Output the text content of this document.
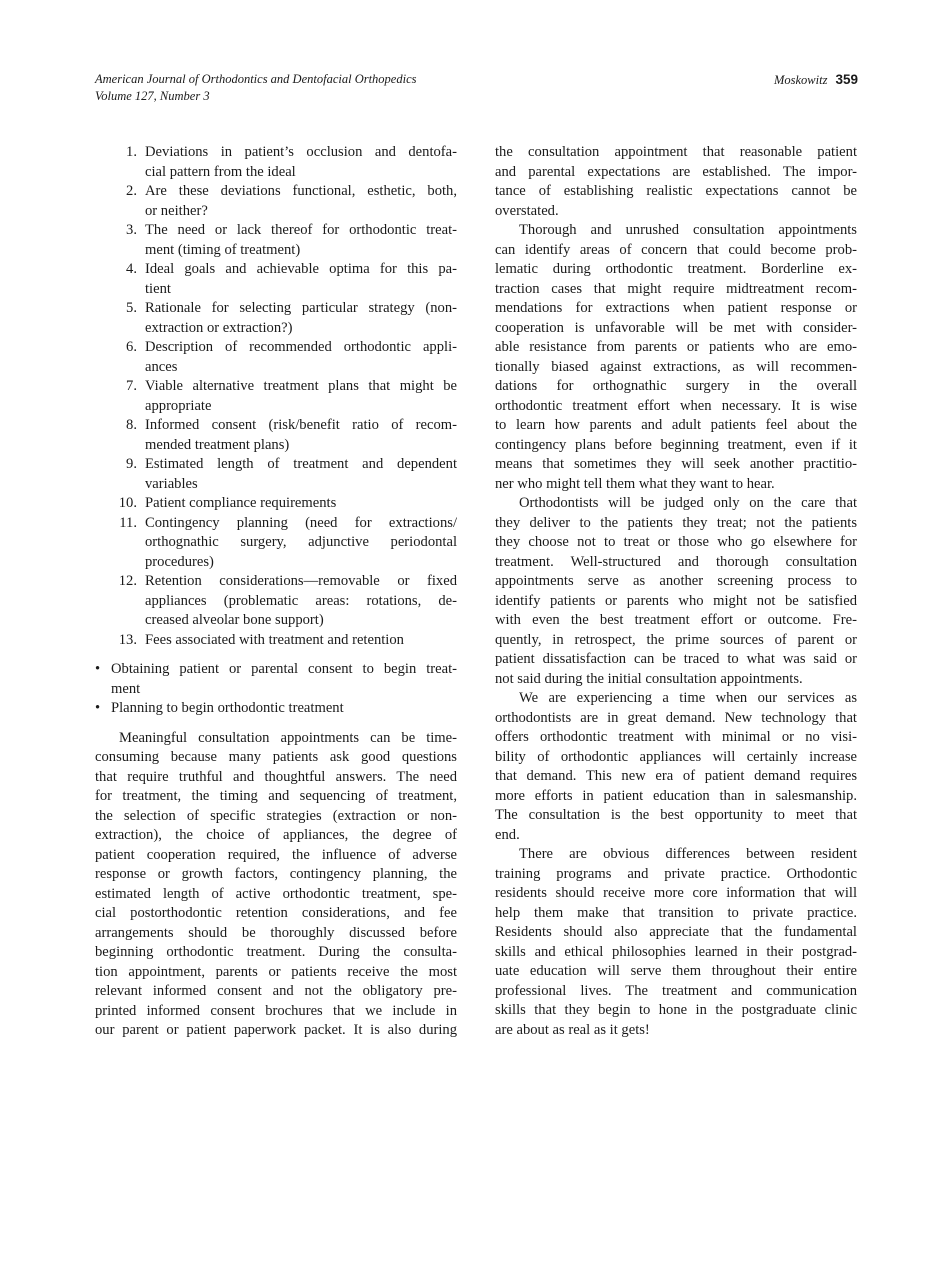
American Journal of Orthodontics and Dentofacial Orthopedics
Volume 127, Number 3
Moskowitz 359
1. Deviations in patient’s occlusion and dentofa-
cial pattern from the ideal
2. Are these deviations functional, esthetic, both,
or neither?
3. The need or lack thereof for orthodontic treat-
ment (timing of treatment)
4. Ideal goals and achievable optima for this pa-
tient
5. Rationale for selecting particular strategy (non-
extraction or extraction?)
6. Description of recommended orthodontic appli-
ances
7. Viable alternative treatment plans that might be
appropriate
8. Informed consent (risk/benefit ratio of recom-
mended treatment plans)
9. Estimated length of treatment and dependent
variables
10. Patient compliance requirements
11. Contingency planning (need for extractions/
orthognathic surgery, adjunctive periodontal
procedures)
12. Retention considerations—removable or fixed
appliances (problematic areas: rotations, de-
creased alveolar bone support)
13. Fees associated with treatment and retention
• Obtaining patient or parental consent to begin treat-
ment
• Planning to begin orthodontic treatment
Meaningful consultation appointments can be time-
consuming because many patients ask good questions
that require truthful and thoughtful answers. The need
for treatment, the timing and sequencing of treatment,
the selection of specific strategies (extraction or non-
extraction), the choice of appliances, the degree of
patient cooperation required, the influence of adverse
response or growth factors, contingency planning, the
estimated length of active orthodontic treatment, spe-
cial postorthodontic retention considerations, and fee
arrangements should be thoroughly discussed before
beginning orthodontic treatment. During the consulta-
tion appointment, parents or patients receive the most
relevant informed consent and not the obligatory pre-
printed informed consent brochures that we include in
our parent or patient paperwork packet. It is also during
the consultation appointment that reasonable patient
and parental expectations are established. The impor-
tance of establishing realistic expectations cannot be
overstated.
Thorough and unrushed consultation appointments
can identify areas of concern that could become prob-
lematic during orthodontic treatment. Borderline ex-
traction cases that might require midtreatment recom-
mendations for extractions when patient response or
cooperation is unfavorable will be met with consider-
able resistance from parents or patients who are emo-
tionally biased against extractions, as will recommen-
dations for orthognathic surgery in the overall
orthodontic treatment effort when necessary. It is wise
to learn how parents and adult patients feel about the
contingency plans before beginning treatment, even if it
means that sometimes they will seek another practitio-
ner who might tell them what they want to hear.
Orthodontists will be judged only on the care that
they deliver to the patients they treat; not the patients
they choose not to treat or those who go elsewhere for
treatment. Well-structured and thorough consultation
appointments serve as another screening process to
identify patients or parents who might not be satisfied
with even the best treatment effort or outcome. Fre-
quently, in retrospect, the prime sources of parent or
patient dissatisfaction can be traced to what was said or
not said during the initial consultation appointments.
We are experiencing a time when our services as
orthodontists are in great demand. New technology that
offers orthodontic treatment with minimal or no visi-
bility of orthodontic appliances will certainly increase
that demand. This new era of patient demand requires
more efforts in patient education than in salesmanship.
The consultation is the best opportunity to meet that
end.
There are obvious differences between resident
training programs and private practice. Orthodontic
residents should receive more core information that will
help them make that transition to private practice.
Residents should also appreciate that the fundamental
skills and ethical philosophies learned in their postgrad-
uate education will serve them throughout their entire
professional lives. The treatment and communication
skills that they begin to hone in the postgraduate clinic
are about as real as it gets!
